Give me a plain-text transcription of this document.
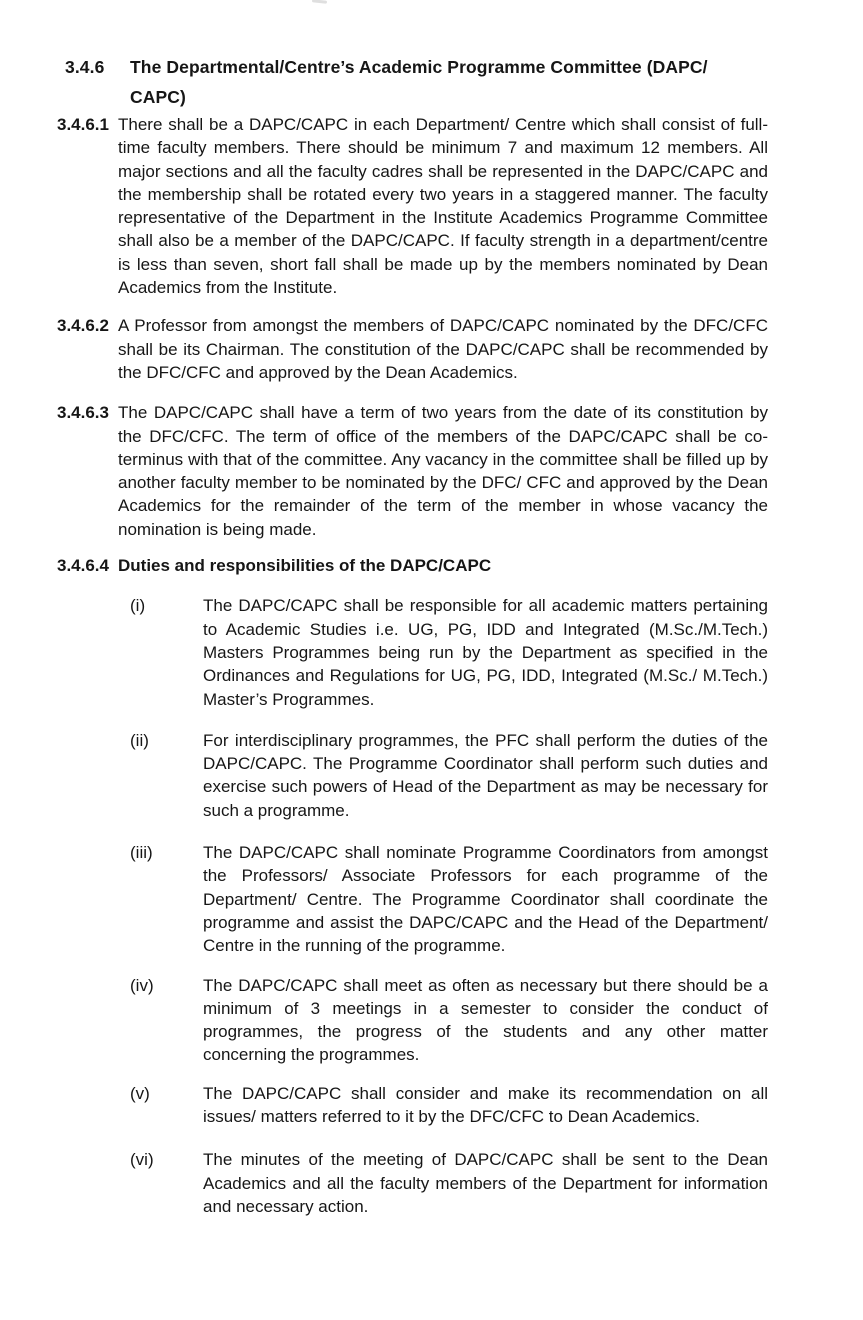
3.4.6	The Departmental/Centre’s Academic Programme Committee (DAPC/
CAPC)
3.4.6.1 There shall be a DAPC/CAPC in each Department/ Centre which shall consist of full-time faculty members. There should be minimum 7 and maximum 12 members. All major sections and all the faculty cadres shall be represented in the DAPC/CAPC and the membership shall be rotated every two years in a staggered manner. The faculty representative of the Department in the Institute Academics Programme Committee shall also be a member of the DAPC/CAPC. If faculty strength in a department/centre is less than seven, short fall shall be made up by the members nominated by Dean Academics from the Institute.
3.4.6.2 A Professor from amongst the members of DAPC/CAPC nominated by the DFC/CFC shall be its Chairman. The constitution of the DAPC/CAPC shall be recommended by the DFC/CFC and approved by the Dean Academics.
3.4.6.3 The DAPC/CAPC shall have a term of two years from the date of its constitution by the DFC/CFC. The term of office of the members of the DAPC/CAPC shall be co-terminus with that of the committee. Any vacancy in the committee shall be filled up by another faculty member to be nominated by the DFC/ CFC and approved by the Dean Academics for the remainder of the term of the member in whose vacancy the nomination is being made.
3.4.6.4 Duties and responsibilities of the DAPC/CAPC
(i)	The DAPC/CAPC shall be responsible for all academic matters pertaining to Academic Studies i.e. UG, PG, IDD and Integrated (M.Sc./M.Tech.) Masters Programmes being run by the Department as specified in the Ordinances and Regulations for UG, PG, IDD, Integrated (M.Sc./ M.Tech.) Master’s Programmes.
(ii)	For interdisciplinary programmes, the PFC shall perform the duties of the DAPC/CAPC. The Programme Coordinator shall perform such duties and exercise such powers of Head of the Department as may be necessary for such a programme.
(iii)	The DAPC/CAPC shall nominate Programme Coordinators from amongst the Professors/ Associate Professors for each programme of the Department/ Centre. The Programme Coordinator shall coordinate the programme and assist the DAPC/CAPC and the Head of the Department/ Centre in the running of the programme.
(iv)	The DAPC/CAPC shall meet as often as necessary but there should be a minimum of 3 meetings in a semester to consider the conduct of programmes, the progress of the students and any other matter concerning the programmes.
(v)	The DAPC/CAPC shall consider and make its recommendation on all issues/ matters referred to it by the DFC/CFC to Dean Academics.
(vi)	The minutes of the meeting of DAPC/CAPC shall be sent to the Dean Academics and all the faculty members of the Department for information and necessary action.
